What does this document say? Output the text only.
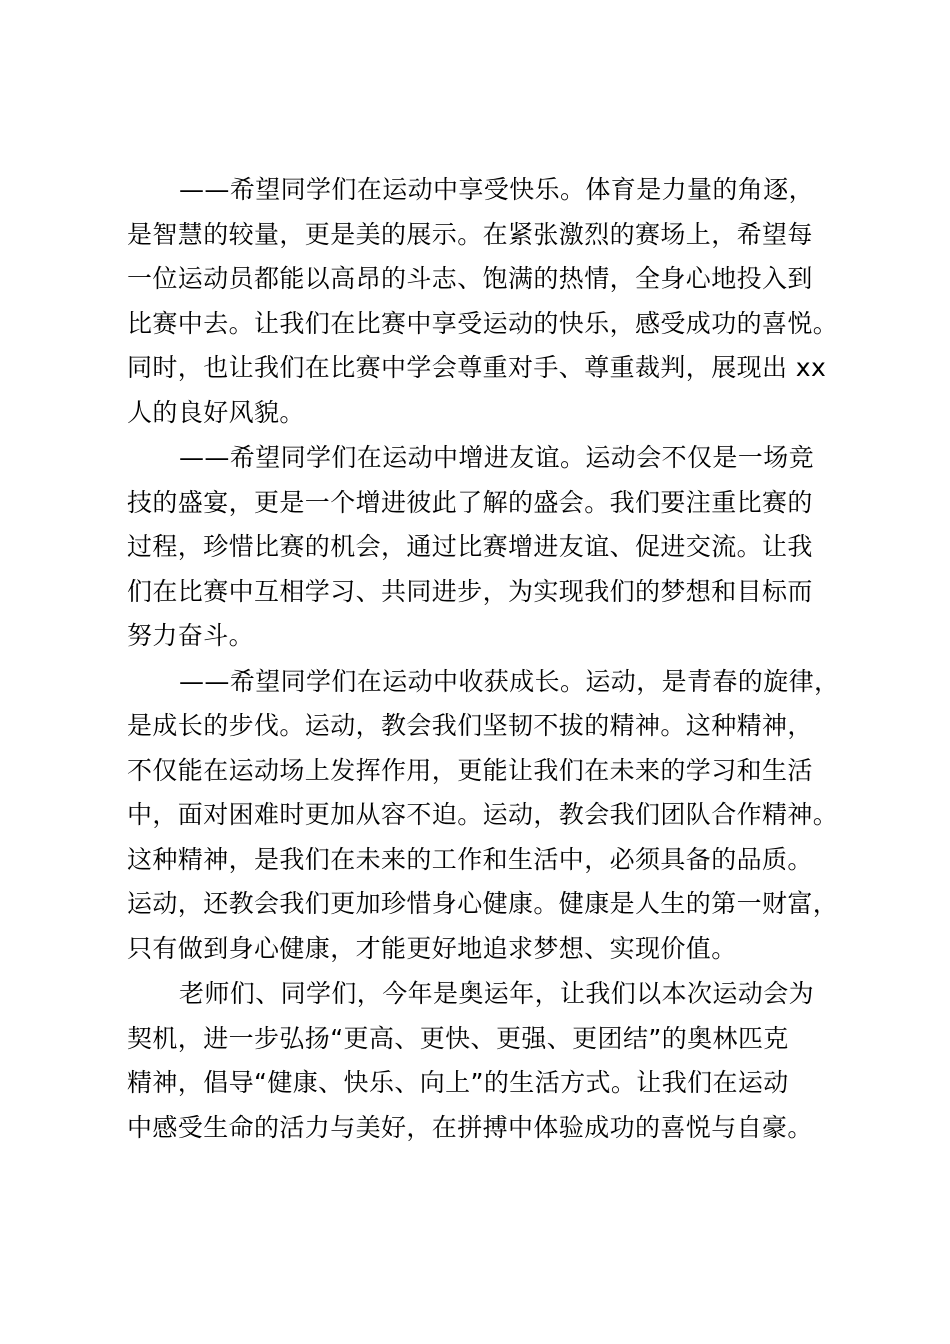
——希望同学们在运动中享受快乐。体育是力量的角逐，
是智慧的较量，更是美的展示。在紧张激烈的赛场上，希望每
一位运动员都能以高昂的斗志、饱满的热情，全身心地投入到
比赛中去。让我们在比赛中享受运动的快乐，感受成功的喜悦。
同时，也让我们在比赛中学会尊重对手、尊重裁判，展现出 xx
人的良好风貌。
——希望同学们在运动中增进友谊。运动会不仅是一场竞
技的盛宴，更是一个增进彼此了解的盛会。我们要注重比赛的
过程，珍惜比赛的机会，通过比赛增进友谊、促进交流。让我
们在比赛中互相学习、共同进步，为实现我们的梦想和目标而
努力奋斗。
——希望同学们在运动中收获成长。运动，是青春的旋律，
是成长的步伐。运动，教会我们坚韧不拔的精神。这种精神，
不仅能在运动场上发挥作用，更能让我们在未来的学习和生活
中，面对困难时更加从容不迫。运动，教会我们团队合作精神。
这种精神，是我们在未来的工作和生活中，必须具备的品质。
运动，还教会我们更加珍惜身心健康。健康是人生的第一财富，
只有做到身心健康，才能更好地追求梦想、实现价值。
老师们、同学们，今年是奥运年，让我们以本次运动会为
契机，进一步弘扬“更高、更快、更强、更团结”的奥林匹克
精神，倡导“健康、快乐、向上”的生活方式。让我们在运动
中感受生命的活力与美好，在拼搏中体验成功的喜悦与自豪。
